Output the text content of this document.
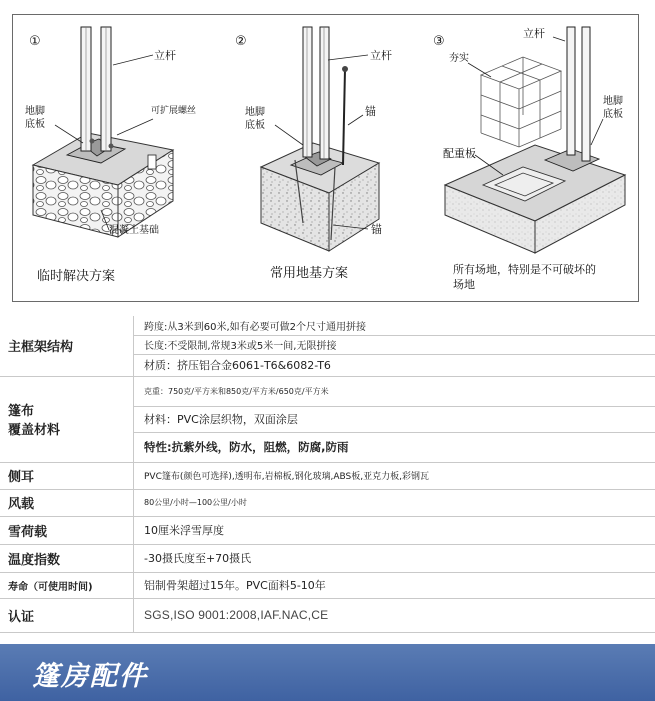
①
立杆
地脚
底板
可扩展螺丝
混凝土基础
临时解决方案
②
立杆
锚
地脚
底板
锚
常用地基方案
③
立杆
夯实
地脚
底板
配重板
所有场地，特别是不可破坏的
场地
主框架结构	跨度:从3米到60米,如有必要可做2个尺寸通用拼接
	长度:不受限制,常规3米或5米一间,无限拼接
	材质：挤压铝合金6061-T6&6082-T6

篷布
覆盖材料	克重：750克/平方米和850克/平方米/650克/平方米
	材料：PVC涂层织物，双面涂层
	特性:抗紫外线，防水，阻燃，防腐,防雨
侧耳	PVC篷布(颜色可选择),透明布,岩棉板,钢化玻璃,ABS板,亚克力板,彩钢瓦
风载	80公里/小时—100公里/小时
雪荷载	10厘米浮雪厚度
温度指数	-30摄氏度至+70摄氏
寿命（可使用时间)	铝制骨架超过15年。PVC面料5-10年
认证	SGS,ISO 9001:2008,IAF.NAC,CE
篷房配件
